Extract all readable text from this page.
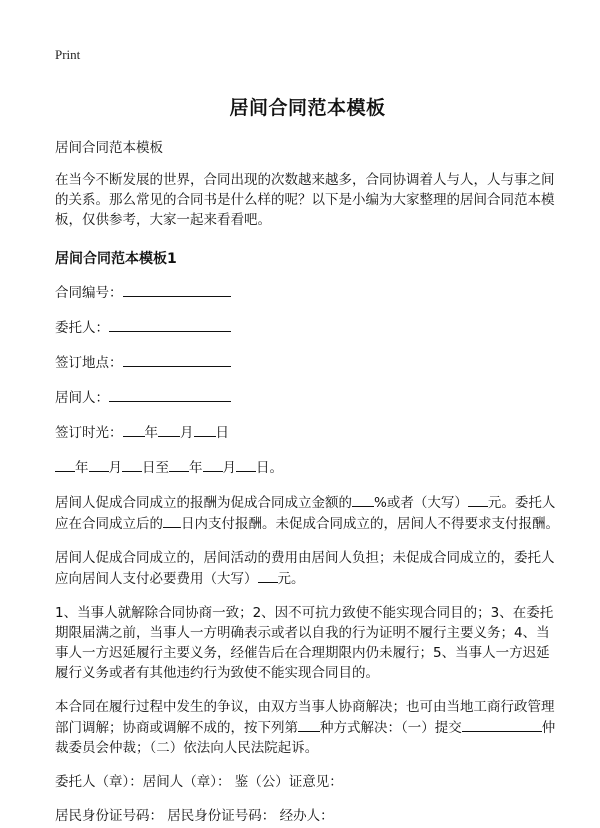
Print
居间合同范本模板

居间合同范本模板

在当今不断发展的世界，合同出现的次数越来越多，合同协调着人与人，人与事之间的关系。那么常见的合同书是什么样的呢？以下是小编为大家整理的居间合同范本模板，仅供参考，大家一起来看看吧。

居间合同范本模板1
合同编号：
委托人：
签订地点：
居间人：
签订时光： 年 月 日
年 月 日至 年 月 日。

居间人促成合同成立的报酬为促成合同成立金额的 %或者（大写） 元。委托人应在合同成立后的 日内支付报酬。未促成合同成立的，居间人不得要求支付报酬。

居间人促成合同成立的，居间活动的费用由居间人负担；未促成合同成立的，委托人应向居间人支付必要费用（大写） 元。

1、当事人就解除合同协商一致；2、因不可抗力致使不能实现合同目的；3、在委托期限届满之前，当事人一方明确表示或者以自我的行为证明不履行主要义务；4、当事人一方迟延履行主要义务，经催告后在合理期限内仍未履行；5、当事人一方迟延履行义务或者有其他违约行为致使不能实现合同目的。

本合同在履行过程中发生的争议，由双方当事人协商解决；也可由当地工商行政管理部门调解；协商或调解不成的，按下列第 种方式解决：（一）提交	仲裁委员会仲裁；（二）依法向人民法院起诉。

委托人（章）：居间人（章）： 鉴（公）证意见：

居民身份证号码： 居民身份证号码： 经办人：
